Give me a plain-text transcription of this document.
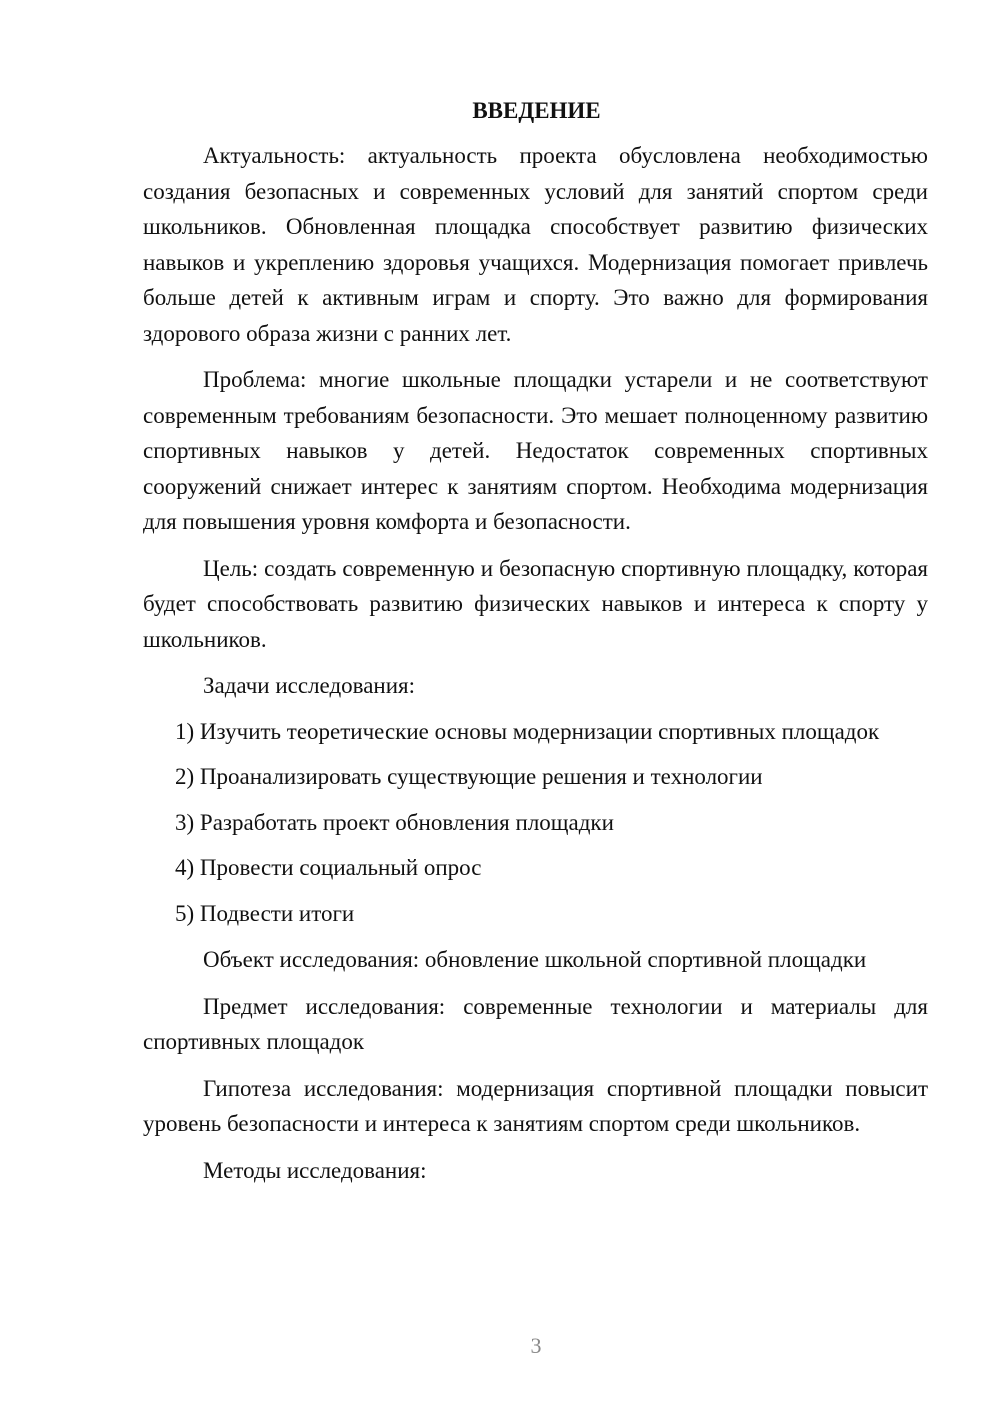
ВВЕДЕНИЕ

Актуальность: актуальность проекта обусловлена необходимостью создания безопасных и современных условий для занятий спортом среди школьников. Обновленная площадка способствует развитию физических навыков и укреплению здоровья учащихся. Модернизация помогает привлечь больше детей к активным играм и спорту. Это важно для формирования здорового образа жизни с ранних лет.

Проблема: многие школьные площадки устарели и не соответствуют современным требованиям безопасности. Это мешает полноценному развитию спортивных навыков у детей. Недостаток современных спортивных сооружений снижает интерес к занятиям спортом. Необходима модернизация для повышения уровня комфорта и безопасности.

Цель: создать современную и безопасную спортивную площадку, которая будет способствовать развитию физических навыков и интереса к спорту у школьников.

Задачи исследования:

1) Изучить теоретические основы модернизации спортивных площадок

2) Проанализировать существующие решения и технологии

3) Разработать проект обновления площадки

4) Провести социальный опрос

5) Подвести итоги

Объект исследования: обновление школьной спортивной площадки

Предмет исследования: современные технологии и материалы для спортивных площадок

Гипотеза исследования: модернизация спортивной площадки повысит уровень безопасности и интереса к занятиям спортом среди школьников.

Методы исследования:

3
